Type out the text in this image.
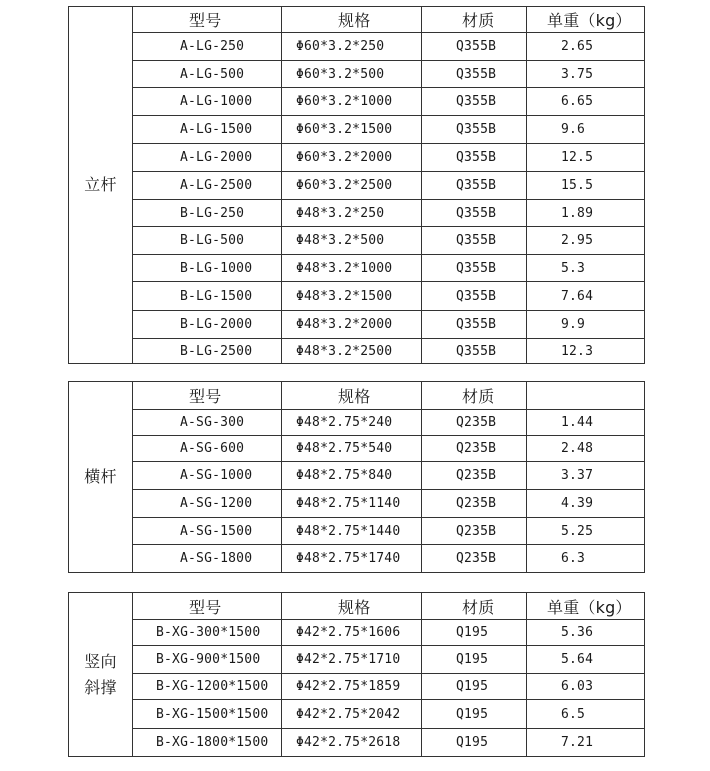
立杆	型号	规格	材质	单重（kg）
	A-LG-250	Φ60*3.2*250	Q355B	2.65
	A-LG-500	Φ60*3.2*500	Q355B	3.75
	A-LG-1000	Φ60*3.2*1000	Q355B	6.65
	A-LG-1500	Φ60*3.2*1500	Q355B	9.6
	A-LG-2000	Φ60*3.2*2000	Q355B	12.5
	A-LG-2500	Φ60*3.2*2500	Q355B	15.5
	B-LG-250	Φ48*3.2*250	Q355B	1.89
	B-LG-500	Φ48*3.2*500	Q355B	2.95
	B-LG-1000	Φ48*3.2*1000	Q355B	5.3
	B-LG-1500	Φ48*3.2*1500	Q355B	7.64
	B-LG-2000	Φ48*3.2*2000	Q355B	9.9
	B-LG-2500	Φ48*3.2*2500	Q355B	12.3
横杆	型号	规格	材质	
	A-SG-300	Φ48*2.75*240	Q235B	1.44
	A-SG-600	Φ48*2.75*540	Q235B	2.48
	A-SG-1000	Φ48*2.75*840	Q235B	3.37
	A-SG-1200	Φ48*2.75*1140	Q235B	4.39
	A-SG-1500	Φ48*2.75*1440	Q235B	5.25
	A-SG-1800	Φ48*2.75*1740	Q235B	6.3
竖向
斜撑	型号	规格	材质	单重（kg）
	B-XG-300*1500	Φ42*2.75*1606	Q195	5.36
	B-XG-900*1500	Φ42*2.75*1710	Q195	5.64
	B-XG-1200*1500	Φ42*2.75*1859	Q195	6.03
	B-XG-1500*1500	Φ42*2.75*2042	Q195	6.5
	B-XG-1800*1500	Φ42*2.75*2618	Q195	7.21
